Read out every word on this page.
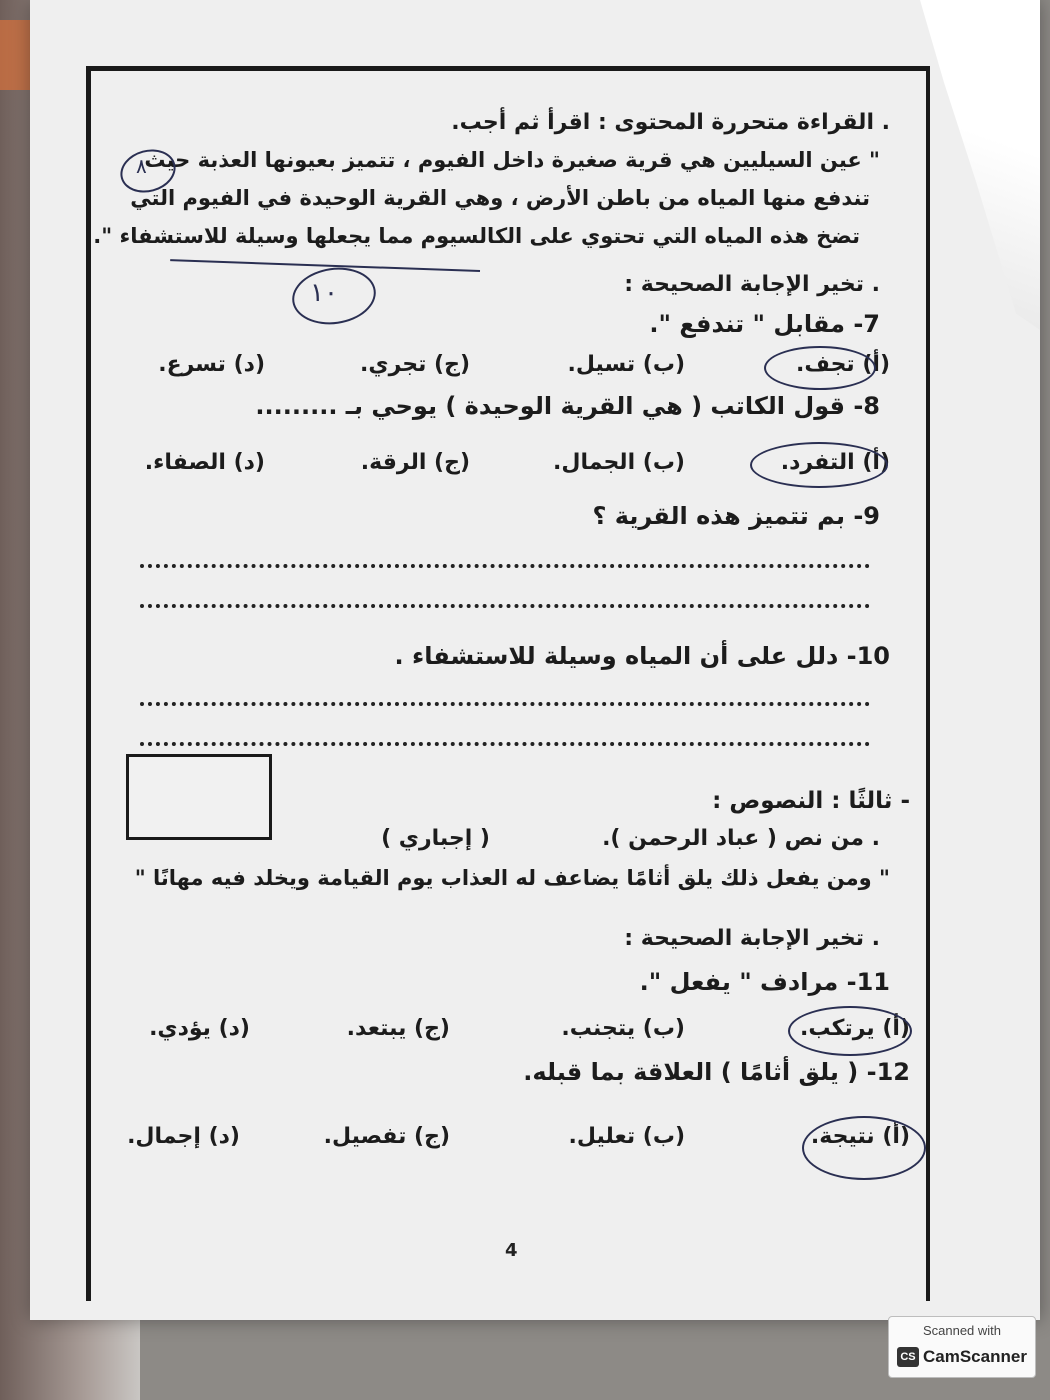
. القراءة متحررة المحتوى : اقرأ ثم أجب.
" عين السيليين هي قرية صغيرة داخل الفيوم ، تتميز بعيونها العذبة حيث
تندفع منها المياه من باطن الأرض ، وهي القرية الوحيدة في الفيوم التي
تضخ هذه المياه التي تحتوي على الكالسيوم مما يجعلها وسيلة للاستشفاء ".
. تخير الإجابة الصحيحة :
7- مقابل " تندفع ".
(أ) تجف.
(ب) تسيل.
(ج) تجري.
(د) تسرع.
8- قول الكاتب ( هي القرية الوحيدة ) يوحي بـ .........
(أ) التفرد.
(ب) الجمال.
(ج) الرقة.
(د) الصفاء.
9- بم تتميز هذه القرية ؟
10- دلل على أن المياه وسيلة للاستشفاء .
- ثالثًا : النصوص :
. من نص ( عباد الرحمن ).
( إجباري )
" ومن يفعل ذلك يلق أثامًا يضاعف له العذاب يوم القيامة ويخلد فيه مهانًا "
. تخير الإجابة الصحيحة :
11- مرادف " يفعل ".
(أ) يرتكب.
(ب) يتجنب.
(ج) يبتعد.
(د) يؤدي.
12- ( يلق أثامًا ) العلاقة بما قبله.
(أ) نتيجة.
(ب) تعليل.
(ج) تفصيل.
(د) إجمال.
٨
١٠
4
Scanned with
CS CamScanner
